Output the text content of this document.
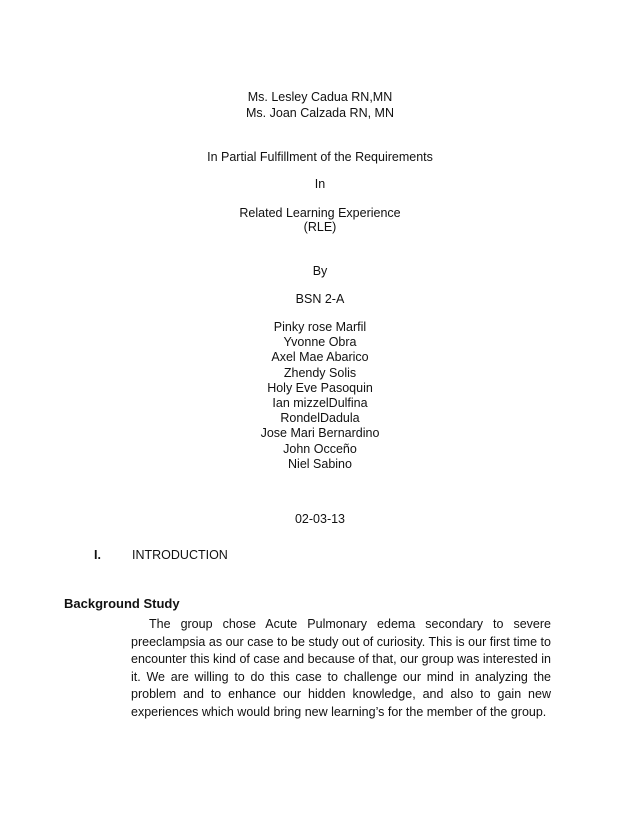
Ms. Lesley Cadua RN,MN
Ms. Joan Calzada RN, MN
In Partial Fulfillment of the Requirements
In
Related Learning Experience
(RLE)
By
BSN 2-A
Pinky rose Marfil
Yvonne Obra
Axel Mae Abarico
Zhendy Solis
Holy Eve Pasoquin
Ian mizzelDulfina
RondelDadula
Jose Mari Bernardino
John Occeño
Niel Sabino
02-03-13
I. INTRODUCTION
Background Study
The group chose Acute Pulmonary edema secondary to severe preeclampsia as our case to be study out of curiosity. This is our first time to encounter this kind of case and because of that, our group was interested in it. We are willing to do this case to challenge our mind in analyzing the problem and to enhance our hidden knowledge, and also to gain new experiences which would bring new learning’s for the member of the group.
